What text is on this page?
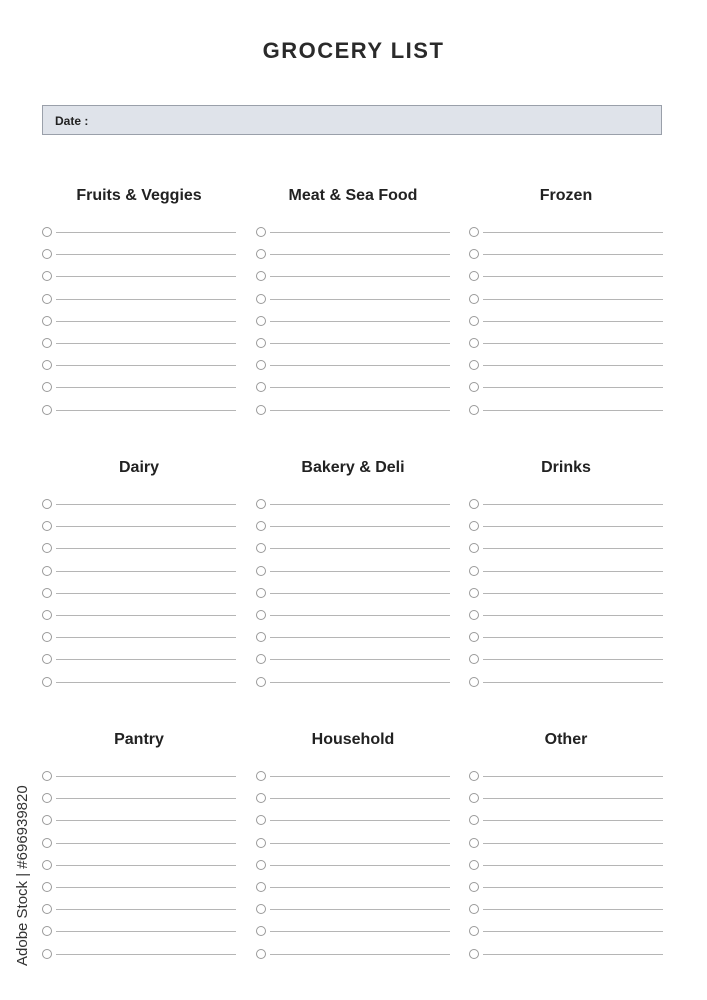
GROCERY LIST
Date :
Fruits & Veggies	Meat & Sea Food	Frozen
Dairy	Bakery & Deli	Drinks
Pantry	Household	Other
Adobe Stock | #696939820
